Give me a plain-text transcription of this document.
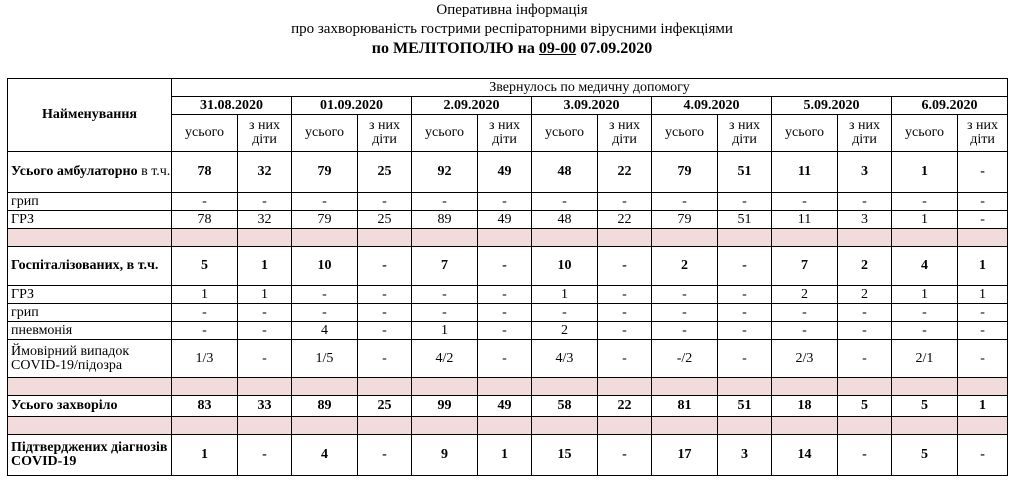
Оперативна інформація
про захворюваність гострими респіраторними вірусними інфекціями
по МЕЛІТОПОЛЮ на 09-00 07.09.2020
Найменування	Звернулось по медичну допомогу													
	31.08.2020		01.09.2020		2.09.2020		3.09.2020		4.09.2020		5.09.2020		6.09.2020	
	усього	з них діти	усього	з них діти	усього	з них діти	усього	з них діти	усього	з них діти	усього	з них діти	усього	з них діти
Усього амбулаторно в т.ч.	78	32	79	25	92	49	48	22	79	51	11	3	1	-
грип	-	-	-	-	-	-	-	-	-	-	-	-	-	-
ГРЗ	78	32	79	25	89	49	48	22	79	51	11	3	1	-

Госпіталізованих, в т.ч.	5	1	10	-	7	-	10	-	2	-	7	2	4	1
ГРЗ	1	1	-	-	-	-	1	-	-	-	2	2	1	1
грип	-	-	-	-	-	-	-	-	-	-	-	-	-	-
пневмонія	-	-	4	-	1	-	2	-	-	-	-	-	-	-
Ймовірний випадок COVID-19/підозра	1/3	-	1/5	-	4/2	-	4/3	-	-/2	-	2/3	-	2/1	-

Усього захворіло	83	33	89	25	99	49	58	22	81	51	18	5	5	1

Підтверджених діагнозів COVID-19	1	-	4	-	9	1	15	-	17	3	14	-	5	-
